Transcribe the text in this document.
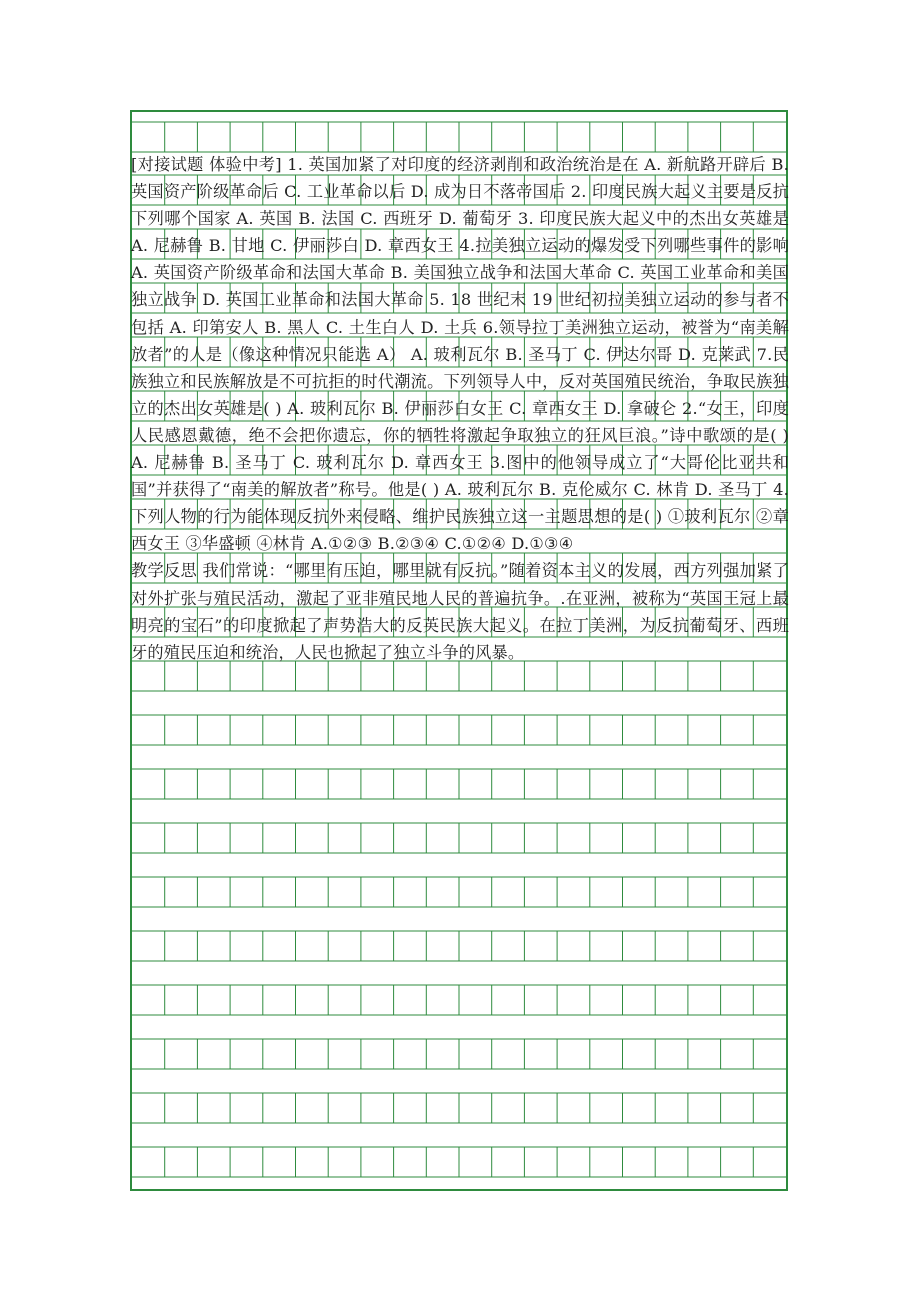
[对接试题 体验中考] 1. 英国加紧了对印度的经济剥削和政治统治是在 A. 新航路开辟后 B. 英国资产阶级革命后 C. 工业革命以后 D. 成为日不落帝国后 2. 印度民族大起义主要是反抗下列哪个国家 A. 英国 B. 法国 C. 西班牙 D. 葡萄牙 3. 印度民族大起义中的杰出女英雄是 A. 尼赫鲁 B. 甘地 C. 伊丽莎白 D. 章西女王 4.拉美独立运动的爆发受下列哪些事件的影响 A. 英国资产阶级革命和法国大革命 B. 美国独立战争和法国大革命 C. 英国工业革命和美国独立战争 D. 英国工业革命和法国大革命 5. 18 世纪末 19 世纪初拉美独立运动的参与者不包括 A. 印第安人 B. 黑人 C. 土生白人 D. 土兵 6.领导拉丁美洲独立运动，被誉为“南美解放者”的人是（像这种情况只能选 A） A. 玻利瓦尔 B. 圣马丁 C. 伊达尔哥 D. 克莱武 7.民族独立和民族解放是不可抗拒的时代潮流。下列领导人中，反对英国殖民统治，争取民族独立的杰出女英雄是( ) A. 玻利瓦尔 B. 伊丽莎白女王 C. 章西女王 D. 拿破仑 2.“女王，印度人民感恩戴德，绝不会把你遗忘，你的牺牲将激起争取独立的狂风巨浪。”诗中歌颂的是( ) A. 尼赫鲁 B. 圣马丁 C. 玻利瓦尔 D. 章西女王 3.图中的他领导成立了“大哥伦比亚共和国”并获得了“南美的解放者”称号。他是( ) A. 玻利瓦尔 B. 克伦威尔 C. 林肯 D. 圣马丁 4.下列人物的行为能体现反抗外来侵略、维护民族独立这一主题思想的是( ) ①玻利瓦尔 ②章西女王 ③华盛顿 ④林肯 A.①②③ B.②③④ C.①②④ D.①③④

教学反思 我们常说：“哪里有压迫，哪里就有反抗。”随着资本主义的发展，西方列强加紧了对外扩张与殖民活动，激起了亚非殖民地人民的普遍抗争。.在亚洲，被称为“英国王冠上最明亮的宝石”的印度掀起了声势浩大的反英民族大起义。在拉丁美洲，为反抗葡萄牙、西班牙的殖民压迫和统治，人民也掀起了独立斗争的风暴。
